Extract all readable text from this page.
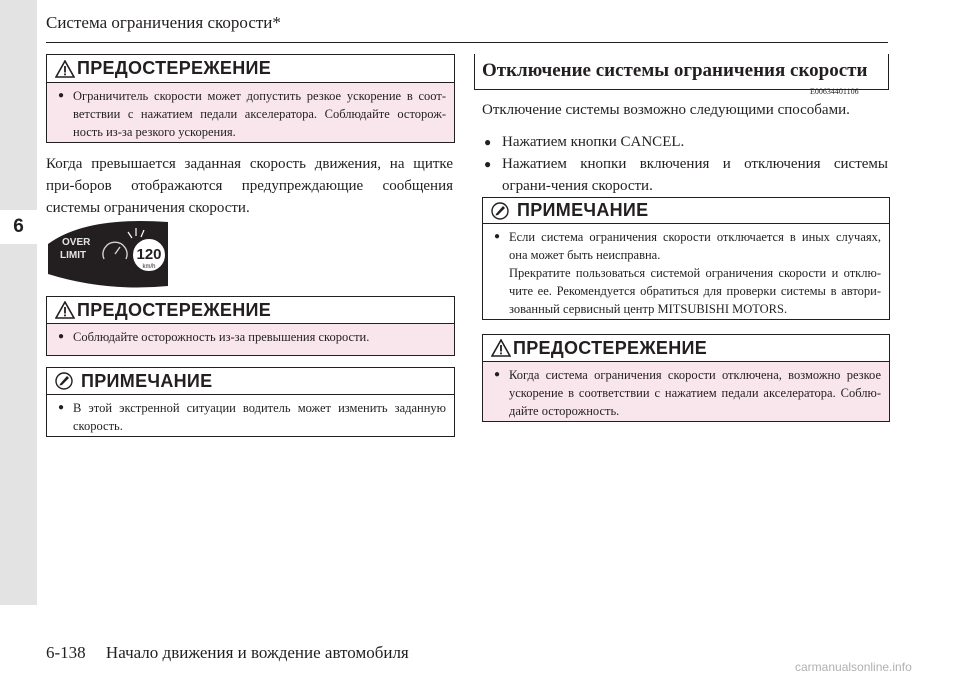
6
Система ограничения скорости*
ПРЕДОСТЕРЕЖЕНИЕ

● Ограничитель скорости может допустить резкое ускорение в соот-ветствии с нажатием педали акселератора. Соблюдайте осторож-ность из-за резкого ускорения.

Когда превышается заданная скорость движения, на щитке при-боров отображаются предупреждающие сообщения системы ограничения скорости.
OVER
LIMIT	120
km/h
ПРЕДОСТЕРЕЖЕНИЕ

● Соблюдайте осторожность из-за превышения скорости.

ПРИМЕЧАНИЕ

● В этой экстренной ситуации водитель может изменить заданную скорость.

Отключение системы ограничения скорости
E00634401106
Отключение системы возможно следующими способами.
● Нажатием кнопки CANCEL.
● Нажатием кнопки включения и отключения системы ограни-чения скорости.
ПРИМЕЧАНИЕ

● Если система ограничения скорости отключается в иных случаях, она может быть неисправна.

Прекратите пользоваться системой ограничения скорости и отклю-чите ее. Рекомендуется обратиться для проверки системы в автори-зованный сервисный центр MITSUBISHI MOTORS.

ПРЕДОСТЕРЕЖЕНИЕ

● Когда система ограничения скорости отключена, возможно резкое ускорение в соответствии с нажатием педали акселератора. Соблю-дайте осторожность.

6-138 Начало движения и вождение автомобиля
carmanualsonline.info
